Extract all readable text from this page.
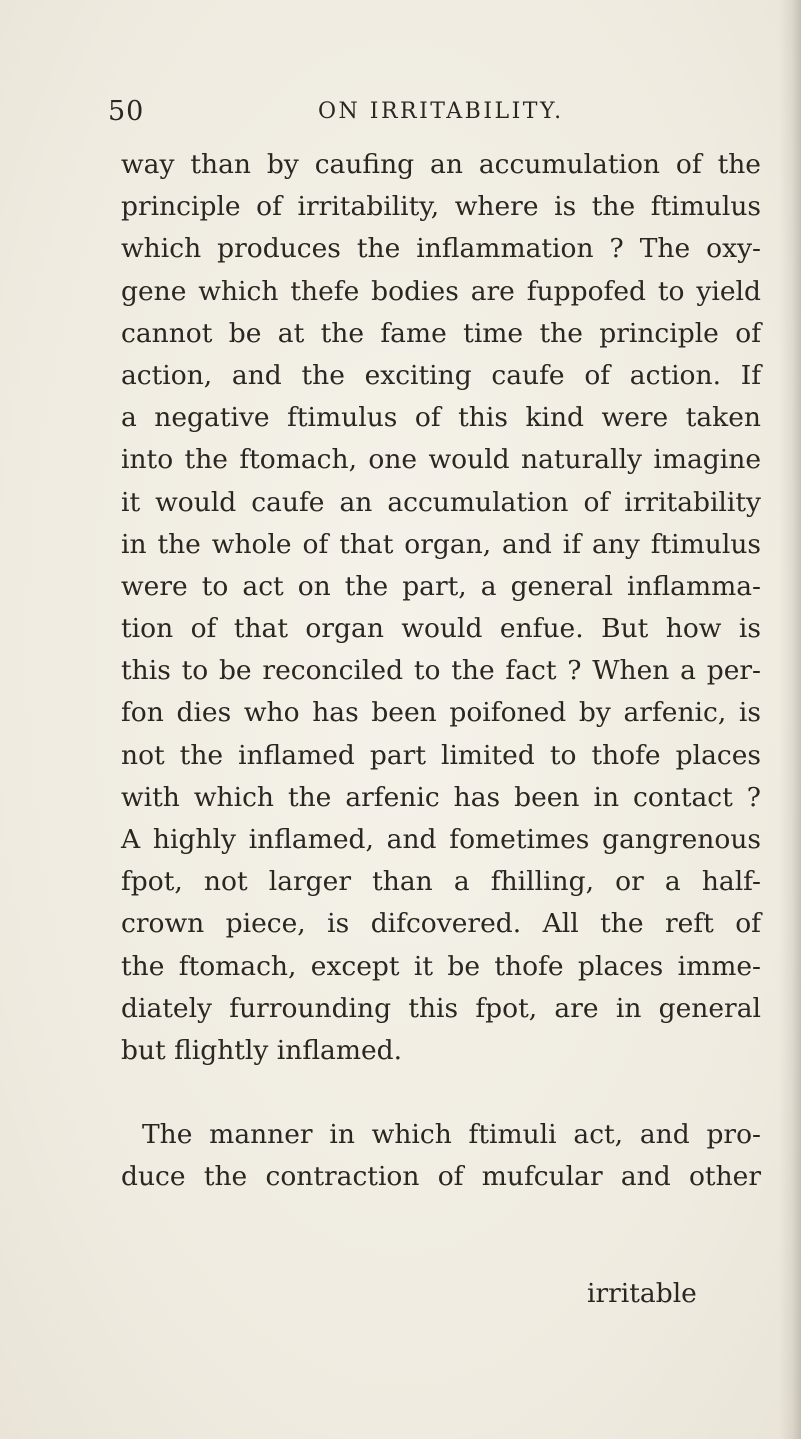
50	ON IRRITABILITY.
way than by caufing an accumulation of the
principle of irritability, where is the ftimulus
which produces the inflammation ? The oxy-
gene which thefe bodies are fuppofed to yield
cannot be at the fame time the principle of
action, and the exciting caufe of action. If
a negative ftimulus of this kind were taken
into the ftomach, one would naturally imagine
it would caufe an accumulation of irritability
in the whole of that organ, and if any ftimulus
were to act on the part, a general inflamma-
tion of that organ would enfue. But how is
this to be reconciled to the fact ? When a per-
fon dies who has been poifoned by arfenic, is
not the inflamed part limited to thofe places
with which the arfenic has been in contact ?
A highly inflamed, and fometimes gangrenous
fpot, not larger than a fhilling, or a half-
crown piece, is difcovered. All the reft of
the ftomach, except it be thofe places imme-
diately furrounding this fpot, are in general
but flightly inflamed.
The manner in which ftimuli act, and pro-
duce the contraction of mufcular and other
irritable
